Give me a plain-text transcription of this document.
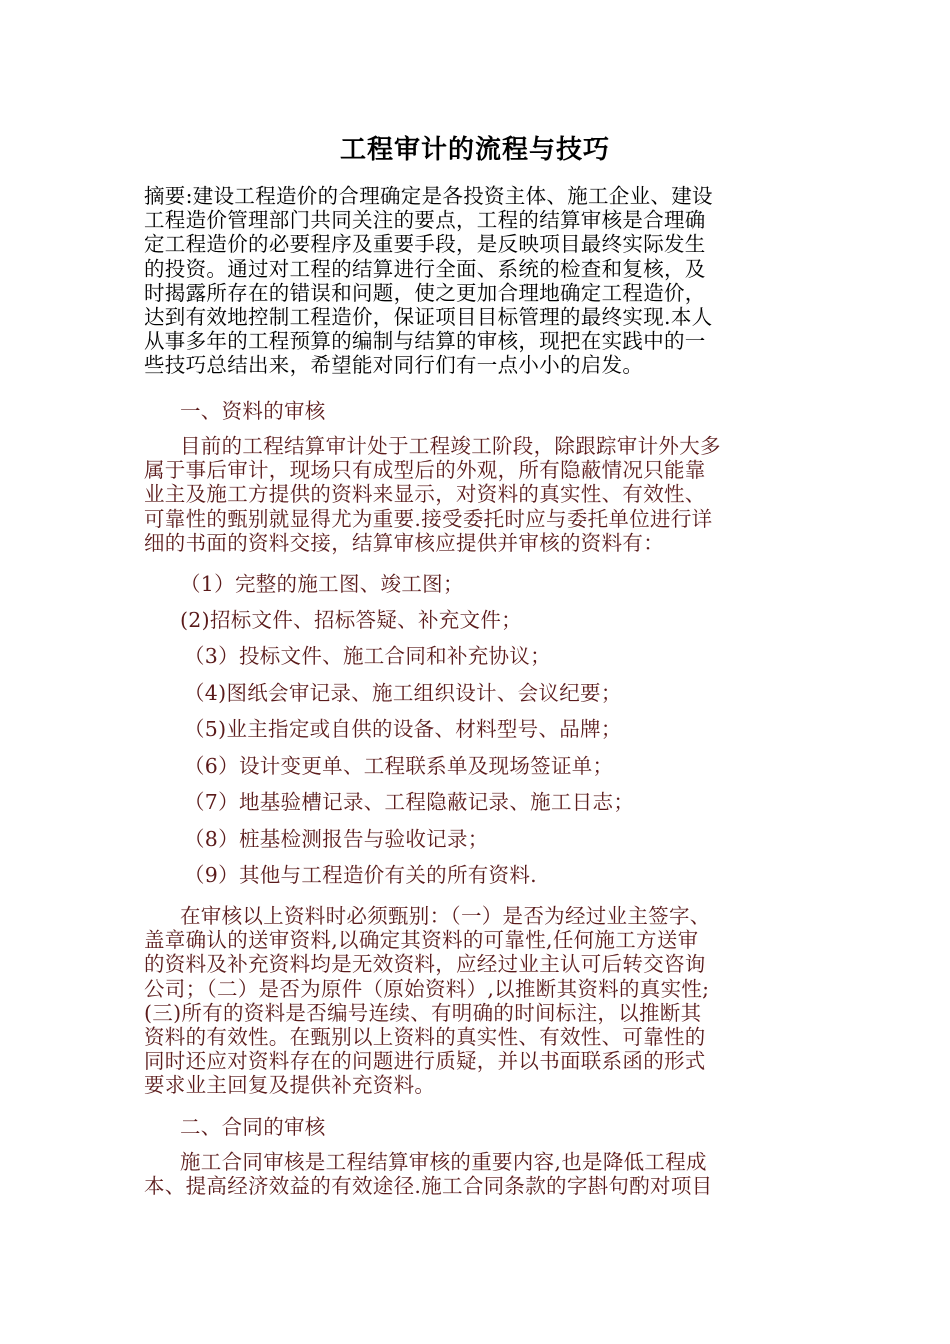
工程审计的流程与技巧
摘要:建设工程造价的合理确定是各投资主体、施工企业、建设
工程造价管理部门共同关注的要点，工程的结算审核是合理确
定工程造价的必要程序及重要手段，是反映项目最终实际发生
的投资。通过对工程的结算进行全面、系统的检查和复核，及
时揭露所存在的错误和问题，使之更加合理地确定工程造价，
达到有效地控制工程造价，保证项目目标管理的最终实现.本人
从事多年的工程预算的编制与结算的审核，现把在实践中的一
些技巧总结出来，希望能对同行们有一点小小的启发。
一、资料的审核
目前的工程结算审计处于工程竣工阶段，除跟踪审计外大多
属于事后审计，现场只有成型后的外观，所有隐蔽情况只能靠
业主及施工方提供的资料来显示，对资料的真实性、有效性、
可靠性的甄别就显得尤为重要.接受委托时应与委托单位进行详
细的书面的资料交接，结算审核应提供并审核的资料有：
（1）完整的施工图、竣工图；
(2)招标文件、招标答疑、补充文件；
（3）投标文件、施工合同和补充协议；
（4)图纸会审记录、施工组织设计、会议纪要；
（5)业主指定或自供的设备、材料型号、品牌；
（6）设计变更单、工程联系单及现场签证单；
（7）地基验槽记录、工程隐蔽记录、施工日志；
（8）桩基检测报告与验收记录；
（9）其他与工程造价有关的所有资料.
在审核以上资料时必须甄别：（一）是否为经过业主签字、
盖章确认的送审资料,以确定其资料的可靠性,任何施工方送审
的资料及补充资料均是无效资料，应经过业主认可后转交咨询
公司；（二）是否为原件（原始资料）,以推断其资料的真实性;
(三)所有的资料是否编号连续、有明确的时间标注，以推断其
资料的有效性。在甄别以上资料的真实性、有效性、可靠性的
同时还应对资料存在的问题进行质疑，并以书面联系函的形式
要求业主回复及提供补充资料。
二、合同的审核
施工合同审核是工程结算审核的重要内容,也是降低工程成
本、提高经济效益的有效途径.施工合同条款的字斟句酌对项目
